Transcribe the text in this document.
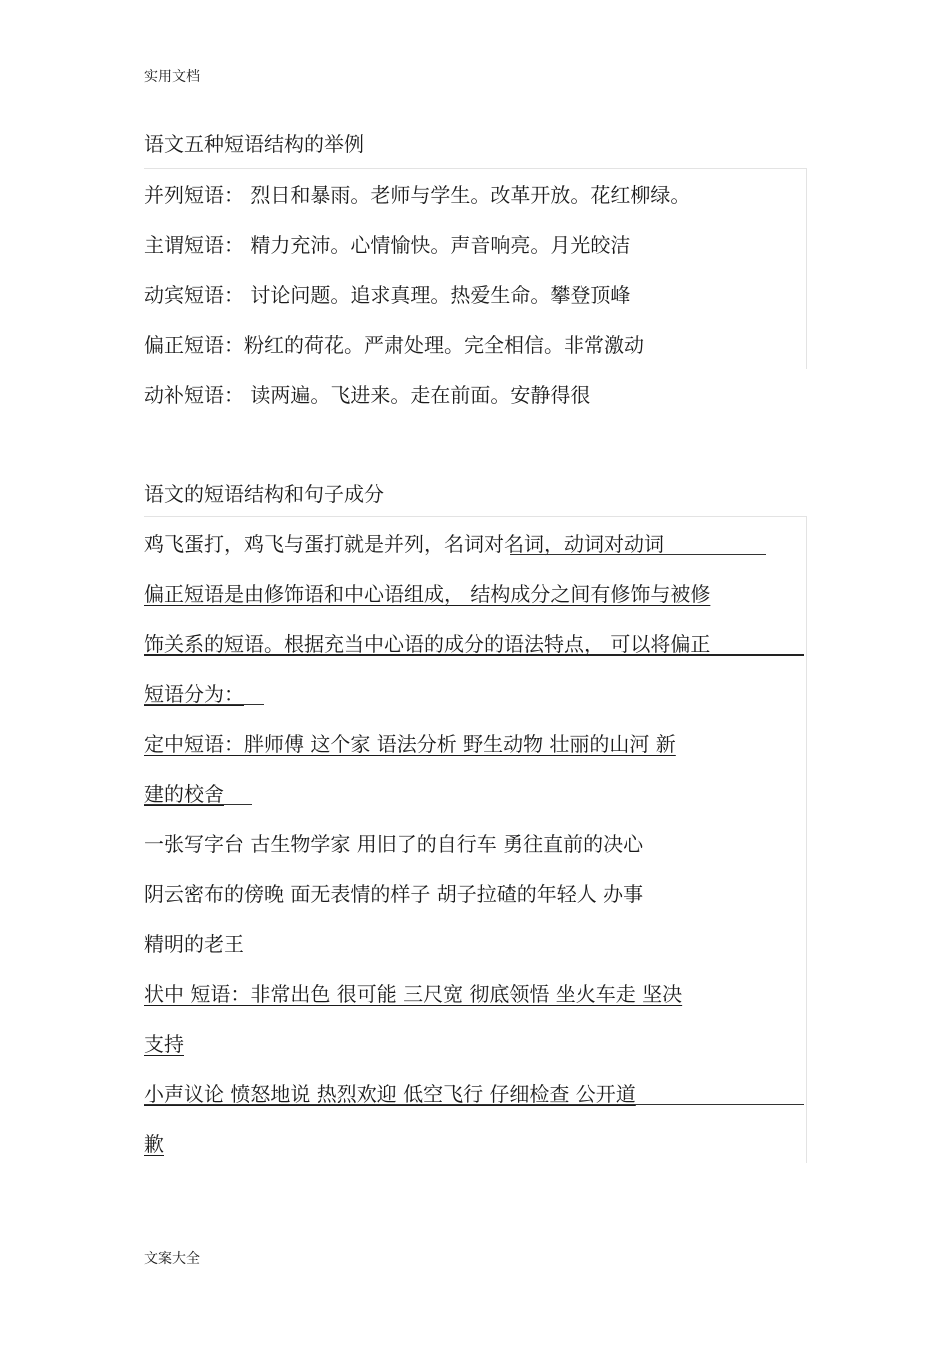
实用文档
语文五种短语结构的举例
并列短语： 烈日和暴雨。老师与学生。改革开放。花红柳绿。
主谓短语： 精力充沛。心情愉快。声音响亮。月光皎洁
动宾短语： 讨论问题。追求真理。热爱生命。攀登顶峰
偏正短语：粉红的荷花。严肃处理。完全相信。非常激动
动补短语： 读两遍。飞进来。走在前面。安静得很
语文的短语结构和句子成分
鸡飞蛋打，鸡飞与蛋打就是并列，名词对名词，动词对动词
偏正短语是由修饰语和中心语组成， 结构成分之间有修饰与被修
饰关系的短语。根据充当中心语的成分的语法特点， 可以将偏正
短语分为：
定中短语：胖师傅 这个家 语法分析 野生动物 壮丽的山河 新
建的校舍
一张写字台 古生物学家 用旧了的自行车 勇往直前的决心
阴云密布的傍晚 面无表情的样子 胡子拉碴的年轻人 办事
精明的老王
状中 短语：非常出色 很可能 三尺宽 彻底领悟 坐火车走 坚决
支持
小声议论 愤怒地说 热烈欢迎 低空飞行 仔细检查 公开道
歉
文案大全
